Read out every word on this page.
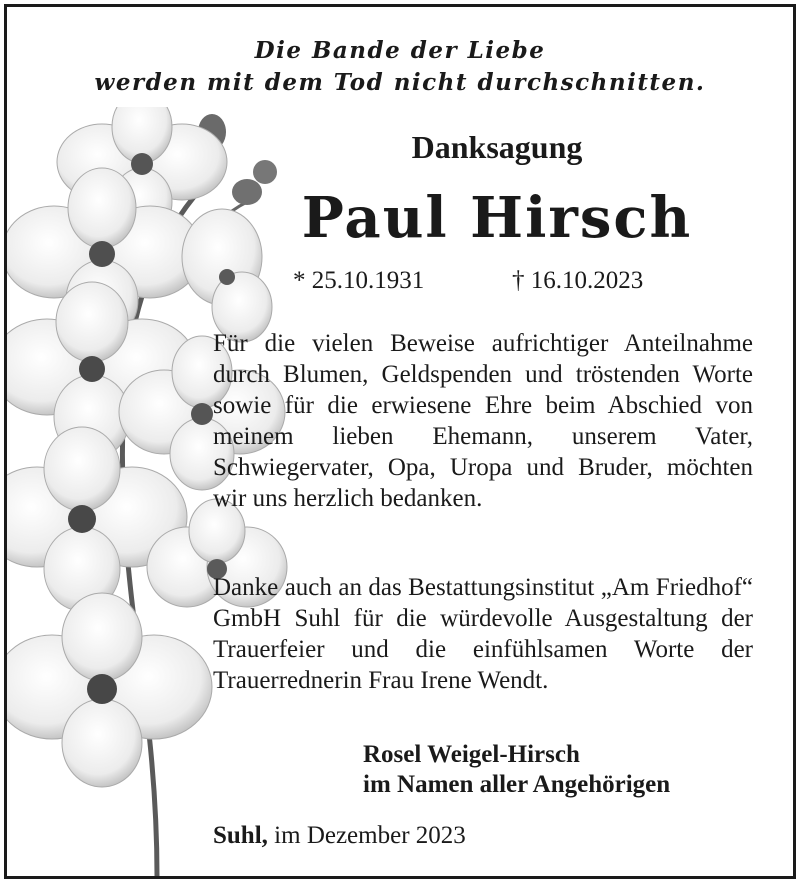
Die Bande der Liebe
werden mit dem Tod nicht durchschnitten.
Danksagung
Paul Hirsch
* 25.10.1931	† 16.10.2023
Für die vielen Beweise aufrichtiger Anteilnahme durch Blumen, Geldspenden und tröstenden Worte sowie für die erwiesene Ehre beim Abschied von meinem lieben Ehemann, unserem Vater, Schwiegervater, Opa, Uropa und Bruder, möchten wir uns herzlich bedanken.
Danke auch an das Bestattungsinstitut „Am Friedhof“ GmbH Suhl für die würdevolle Ausgestaltung der Trauerfeier und die einfühlsamen Worte der Trauerrednerin Frau Irene Wendt.
Rosel Weigel-Hirsch
im Namen aller Angehörigen
Suhl, im Dezember 2023
